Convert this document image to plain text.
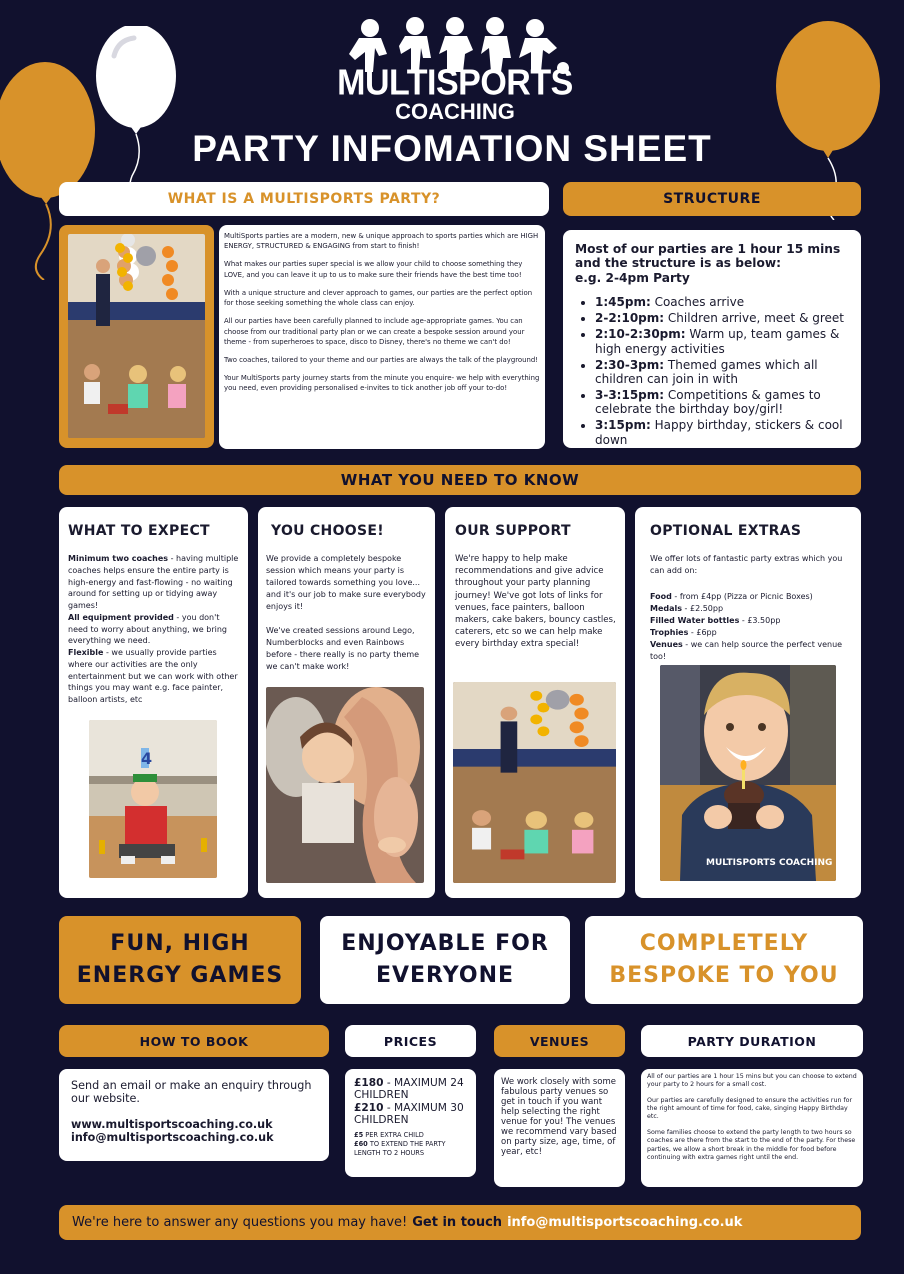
MULTISPORTS
COACHING
PARTY INFOMATION SHEET
WHAT IS A MULTISPORTS PARTY?

MultiSports parties are a modern, new & unique approach to sports parties which are HIGH ENERGY, STRUCTURED & ENGAGING from start to finish!

What makes our parties super special is we allow your child to choose something they LOVE, and you can leave it up to us to make sure their friends have the best time too!

With a unique structure and clever approach to games, our parties are the perfect option for those seeking something the whole class can enjoy.

All our parties have been carefully planned to include age-appropriate games. You can choose from our traditional party plan or we can create a bespoke session around your theme - from superheroes to space, disco to Disney, there's no theme we can't do!

Two coaches, tailored to your theme and our parties are always the talk of the playground!

Your MultiSports party journey starts from the minute you enquire- we help with everything you need, even providing personalised e-invites to tick another job off your to-do!

STRUCTURE
Most of our parties are 1 hour 15 mins and the structure is as below:
e.g. 2-4pm Party
• 1:45pm: Coaches arrive
• 2-2:10pm: Children arrive, meet & greet
• 2:10-2:30pm: Warm up, team games & high energy activities
• 2:30-3pm: Themed games which all children can join in with
• 3-3:15pm: Competitions & games to celebrate the birthday boy/girl!
• 3:15pm: Happy birthday, stickers & cool down
WHAT YOU NEED TO KNOW
WHAT TO EXPECT
Minimum two coaches - having multiple coaches helps ensure the entire party is high-energy and fast-flowing - no waiting around for setting up or tidying away games!
All equipment provided - you don't need to worry about anything, we bring everything we need.
Flexible - we usually provide parties where our activities are the only entertainment but we can work with other things you may want e.g. face painter, balloon artists, etc
4
YOU CHOOSE!

We provide a completely bespoke session which means your party is tailored towards something you love... and it's our job to make sure everybody enjoys it!

We've created sessions around Lego, Numberblocks and even Rainbows before - there really is no party theme we can't make work!

OUR SUPPORT
We're happy to help make recommendations and give advice throughout your party planning journey! We've got lots of links for venues, face painters, balloon makers, cake bakers, bouncy castles, caterers, etc so we can help make every birthday extra special!
OPTIONAL EXTRAS
We offer lots of fantastic party extras which you can add on:
Food - from £4pp (Pizza or Picnic Boxes)
Medals - £2.50pp
Filled Water bottles - £3.50pp
Trophies - £6pp
Venues - we can help source the perfect venue too!
MULTISPORTS COACHING
FUN, HIGH
ENERGY GAMES
ENJOYABLE FOR
EVERYONE
COMPLETELY
BESPOKE TO YOU
HOW TO BOOK
Send an email or make an enquiry through our website.
www.multisportscoaching.co.uk
info@multisportscoaching.co.uk
PRICES
£180 - MAXIMUM 24 CHILDREN
£210 - MAXIMUM 30 CHILDREN
£5 PER EXTRA CHILD
£60 TO EXTEND THE PARTY LENGTH TO 2 HOURS
VENUES
We work closely with some fabulous party venues so get in touch if you want help selecting the right venue for you! The venues we recommend vary based on party size, age, time, of year, etc!
PARTY DURATION

All of our parties are 1 hour 15 mins but you can choose to extend your party to 2 hours for a small cost.

Our parties are carefully designed to ensure the activities run for the right amount of time for food, cake, singing Happy Birthday etc.

Some families choose to extend the party length to two hours so coaches are there from the start to the end of the party. For these parties, we allow a short break in the middle for food before continuing with extra games right until the end.

We're here to answer any questions you may have! Get in touch info@multisportscoaching.co.uk
